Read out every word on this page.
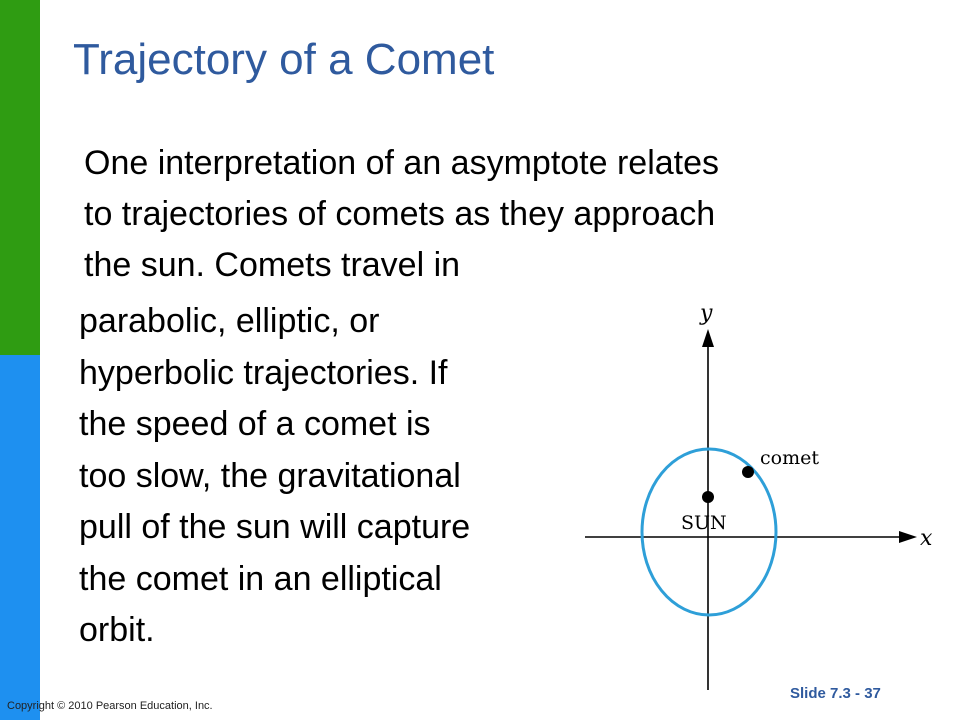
Trajectory of a Comet

One interpretation of an asymptote relates
to trajectories of comets as they approach
the sun. Comets travel in

parabolic, elliptic, or
hyperbolic trajectories. If
the speed of a comet is
too slow, the gravitational
pull of the sun will capture
the comet in an elliptical
orbit.

y
x
SUN
comet
Copyright © 2010 Pearson Education, Inc.
Slide 7.3 - 37
